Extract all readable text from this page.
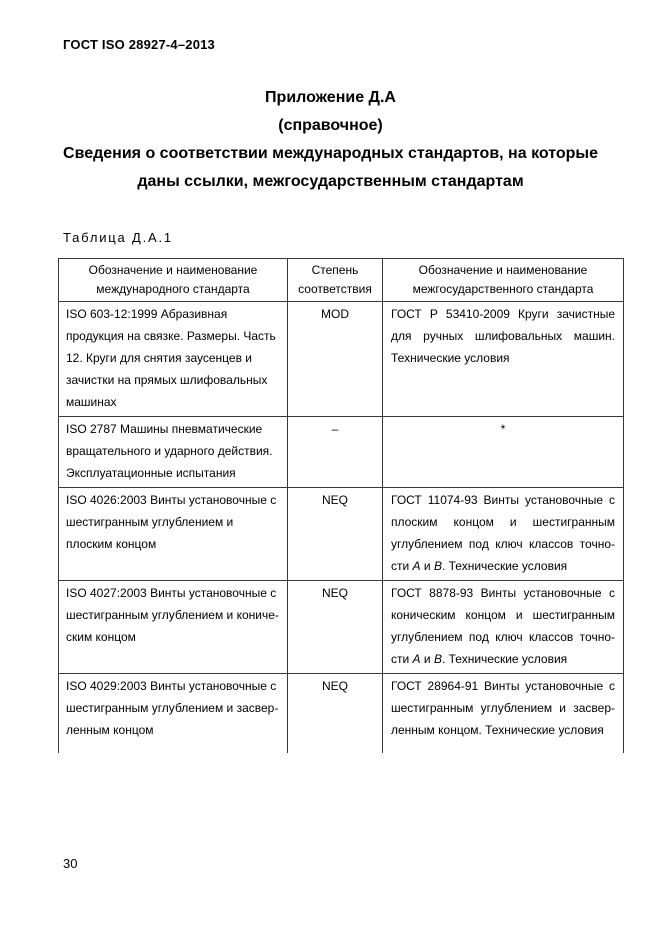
ГОСТ ISO 28927-4–2013
Приложение Д.А
(справочное)
Сведения о соответствии международных стандартов, на которые
даны ссылки, межгосударственным стандартам
Таблица Д.А.1
Обозначение и наименование международного стандарта	Степень соответствия	Обозначение и наименование межгосударственного стандарта
ISO 603-12:1999 Абразивная продукция на связке. Размеры. Часть 12. Круги для снятия заусенцев и зачистки на прямых шлифовальных машинах	MOD	ГОСТ Р 53410-2009 Круги зачистные для ручных шлифовальных машин. Технические условия
ISO 2787 Машины пневматические вращательного и ударного действия. Эксплуатационные испытания	–	*
ISO 4026:2003 Винты установочные с шестигранным углублением и плоским концом	NEQ	ГОСТ 11074-93 Винты установочные с плоским концом и шестигранным углублением под ключ классов точно-сти А и В. Технические условия
ISO 4027:2003 Винты установочные с шестигранным углублением и кониче-ским концом	NEQ	ГОСТ 8878-93 Винты установочные с коническим концом и шестигранным углублением под ключ классов точно-сти А и В. Технические условия
ISO 4029:2003 Винты установочные с шестигранным углублением и засвер-ленным концом	NEQ	ГОСТ 28964-91 Винты установочные с шестигранным углублением и засвер-ленным концом. Технические условия
30
